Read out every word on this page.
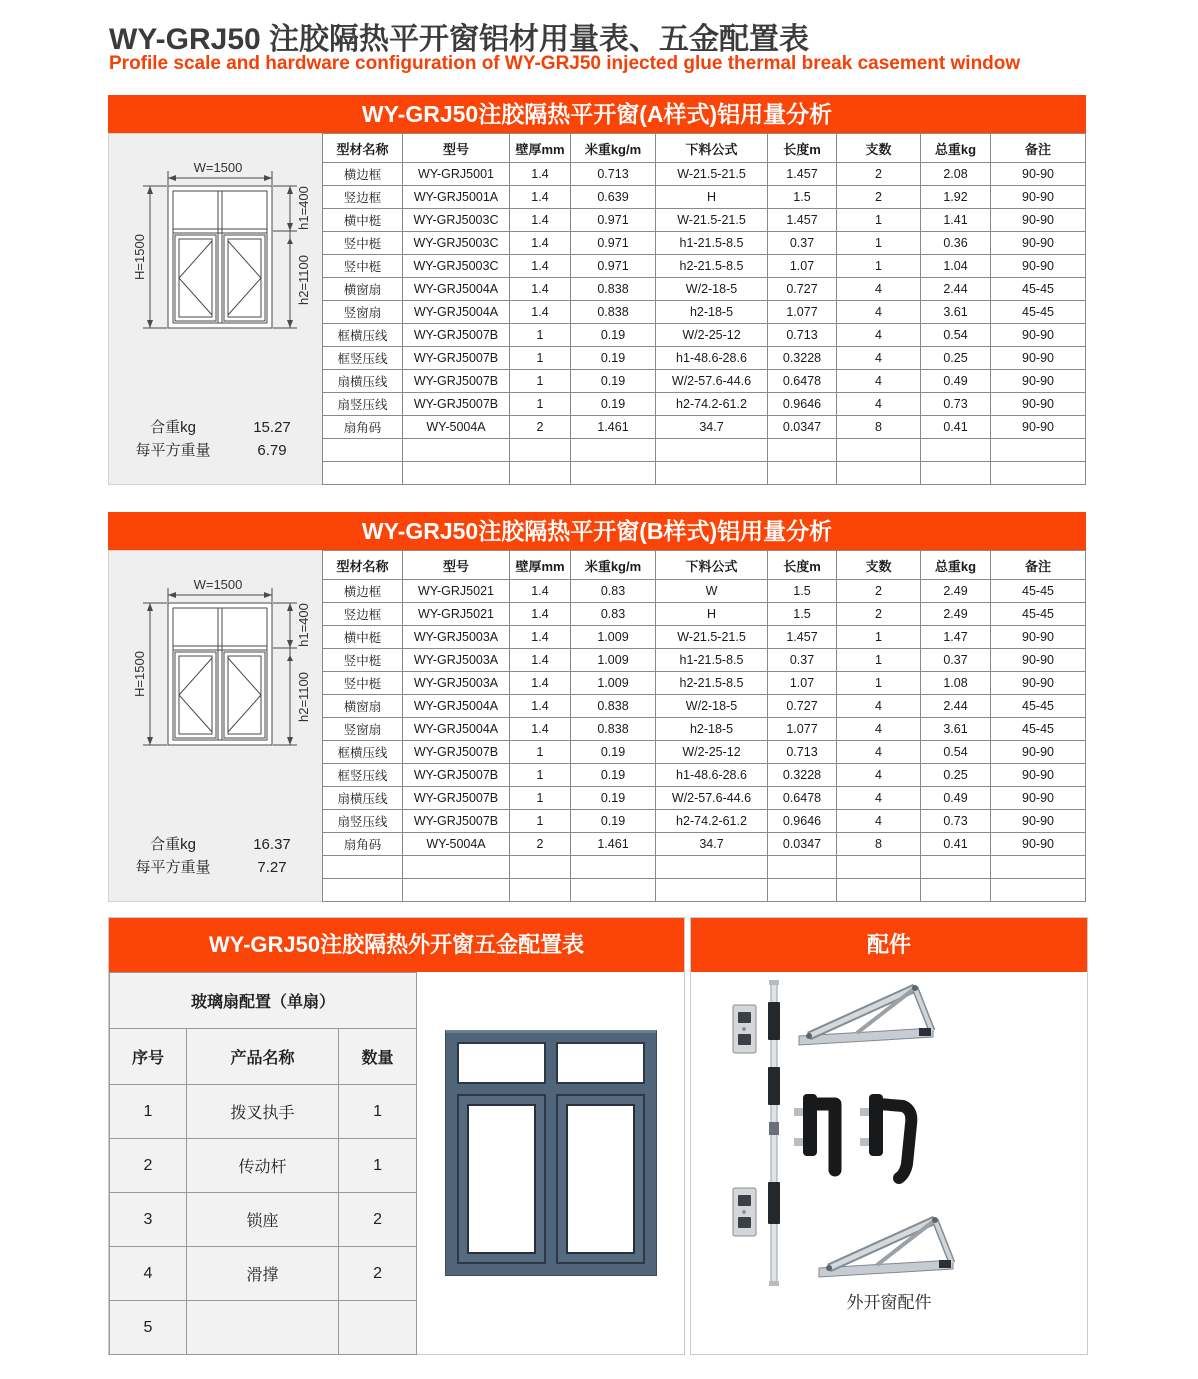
WY-GRJ50 注胶隔热平开窗铝材用量表、五金配置表
Profile scale and hardware configuration of WY-GRJ50 injected glue thermal break casement window
WY-GRJ50注胶隔热平开窗(A样式)铝用量分析
W=1500
H=1500
h1=400
h2=1100
合重kg	15.27
每平方重量	6.79
型材名称	型号	壁厚mm	米重kg/m	下料公式	长度m	支数	总重kg	备注
横边框	WY-GRJ5001	1.4	0.713	W-21.5-21.5	1.457	2	2.08	90-90
竖边框	WY-GRJ5001A	1.4	0.639	H	1.5	2	1.92	90-90
横中梃	WY-GRJ5003C	1.4	0.971	W-21.5-21.5	1.457	1	1.41	90-90
竖中梃	WY-GRJ5003C	1.4	0.971	h1-21.5-8.5	0.37	1	0.36	90-90
竖中梃	WY-GRJ5003C	1.4	0.971	h2-21.5-8.5	1.07	1	1.04	90-90
横窗扇	WY-GRJ5004A	1.4	0.838	W/2-18-5	0.727	4	2.44	45-45
竖窗扇	WY-GRJ5004A	1.4	0.838	h2-18-5	1.077	4	3.61	45-45
框横压线	WY-GRJ5007B	1	0.19	W/2-25-12	0.713	4	0.54	90-90
框竖压线	WY-GRJ5007B	1	0.19	h1-48.6-28.6	0.3228	4	0.25	90-90
扇横压线	WY-GRJ5007B	1	0.19	W/2-57.6-44.6	0.6478	4	0.49	90-90
扇竖压线	WY-GRJ5007B	1	0.19	h2-74.2-61.2	0.9646	4	0.73	90-90
扇角码	WY-5004A	2	1.461	34.7	0.0347	8	0.41	90-90

WY-GRJ50注胶隔热平开窗(B样式)铝用量分析
W=1500
H=1500
h1=400
h2=1100
合重kg	16.37
每平方重量	7.27
型材名称	型号	壁厚mm	米重kg/m	下料公式	长度m	支数	总重kg	备注
横边框	WY-GRJ5021	1.4	0.83	W	1.5	2	2.49	45-45
竖边框	WY-GRJ5021	1.4	0.83	H	1.5	2	2.49	45-45
横中梃	WY-GRJ5003A	1.4	1.009	W-21.5-21.5	1.457	1	1.47	90-90
竖中梃	WY-GRJ5003A	1.4	1.009	h1-21.5-8.5	0.37	1	0.37	90-90
竖中梃	WY-GRJ5003A	1.4	1.009	h2-21.5-8.5	1.07	1	1.08	90-90
横窗扇	WY-GRJ5004A	1.4	0.838	W/2-18-5	0.727	4	2.44	45-45
竖窗扇	WY-GRJ5004A	1.4	0.838	h2-18-5	1.077	4	3.61	45-45
框横压线	WY-GRJ5007B	1	0.19	W/2-25-12	0.713	4	0.54	90-90
框竖压线	WY-GRJ5007B	1	0.19	h1-48.6-28.6	0.3228	4	0.25	90-90
扇横压线	WY-GRJ5007B	1	0.19	W/2-57.6-44.6	0.6478	4	0.49	90-90
扇竖压线	WY-GRJ5007B	1	0.19	h2-74.2-61.2	0.9646	4	0.73	90-90
扇角码	WY-5004A	2	1.461	34.7	0.0347	8	0.41	90-90

WY-GRJ50注胶隔热外开窗五金配置表
玻璃扇配置（单扇）		
序号	产品名称	数量
1	拨叉执手	1
2	传动杆	1
3	锁座	2
4	滑撑	2
5		
配件
外开窗配件
